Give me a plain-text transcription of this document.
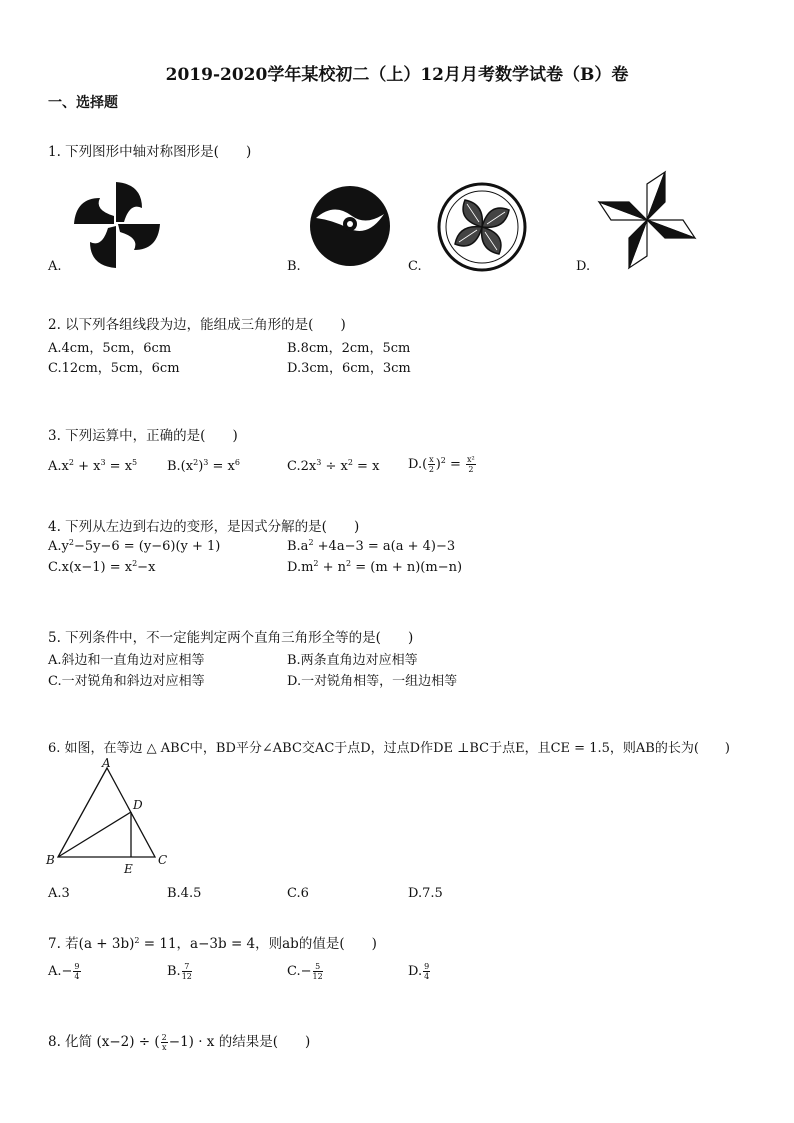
2019-2020学年某校初二（上）12月月考数学试卷（B）卷
一、选择题
1. 下列图形中轴对称图形是(　　)
A.	B.	C.	D.
2. 以下列各组线段为边，能组成三角形的是(　　)
A.4cm，5cm，6cm	B.8cm，2cm，5cm
C.12cm，5cm，6cm	D.3cm，6cm，3cm
3. 下列运算中，正确的是(　　)
$A.x^2 + x^3 = x^5$ $B.(x^2)^3 = x^6$	$C.2x^3 \div x^2 = x$ $D.( \frac{x}{2} )^2 = \frac{\text{x²}}{2}$
4. 下列从左边到右边的变形，是因式分解的是(　　)
$A.y^2-5y-6 = (y-6)(y + 1)$	$B.a^2 +4a-3 = a(a + 4)-3$
$C.x(x-1) = x^2-x$	$D.m^2 + n^2 = (m + n)(m-n)$
5. 下列条件中，不一定能判定两个直角三角形全等的是(　　)
A.斜边和一直角边对应相等	B.两条直角边对应相等
C.一对锐角和斜边对应相等	D.一对锐角相等，一组边相等
6. 如图，在等边 △ ABC中，BD平分∠ABC交AC于点D，过点D作DE ⊥BC于点E，且CE = 1.5，则AB的长为(　　)
A
B	C
D
E
A.3	B.4.5	C.6	D.7.5
7. 若$(a + 3b)^2 = 11$，a−3b = 4，则ab的值是(　　)
$A.- \frac{9}{4}$	B. $\frac{7}{12}$	$C.- \frac{5}{12}$	D. $\frac{9}{4}$
8. 化简 (x−2) ÷ ( $\frac{2}{x} -1) \cdot x$ 的结果是(　　)
